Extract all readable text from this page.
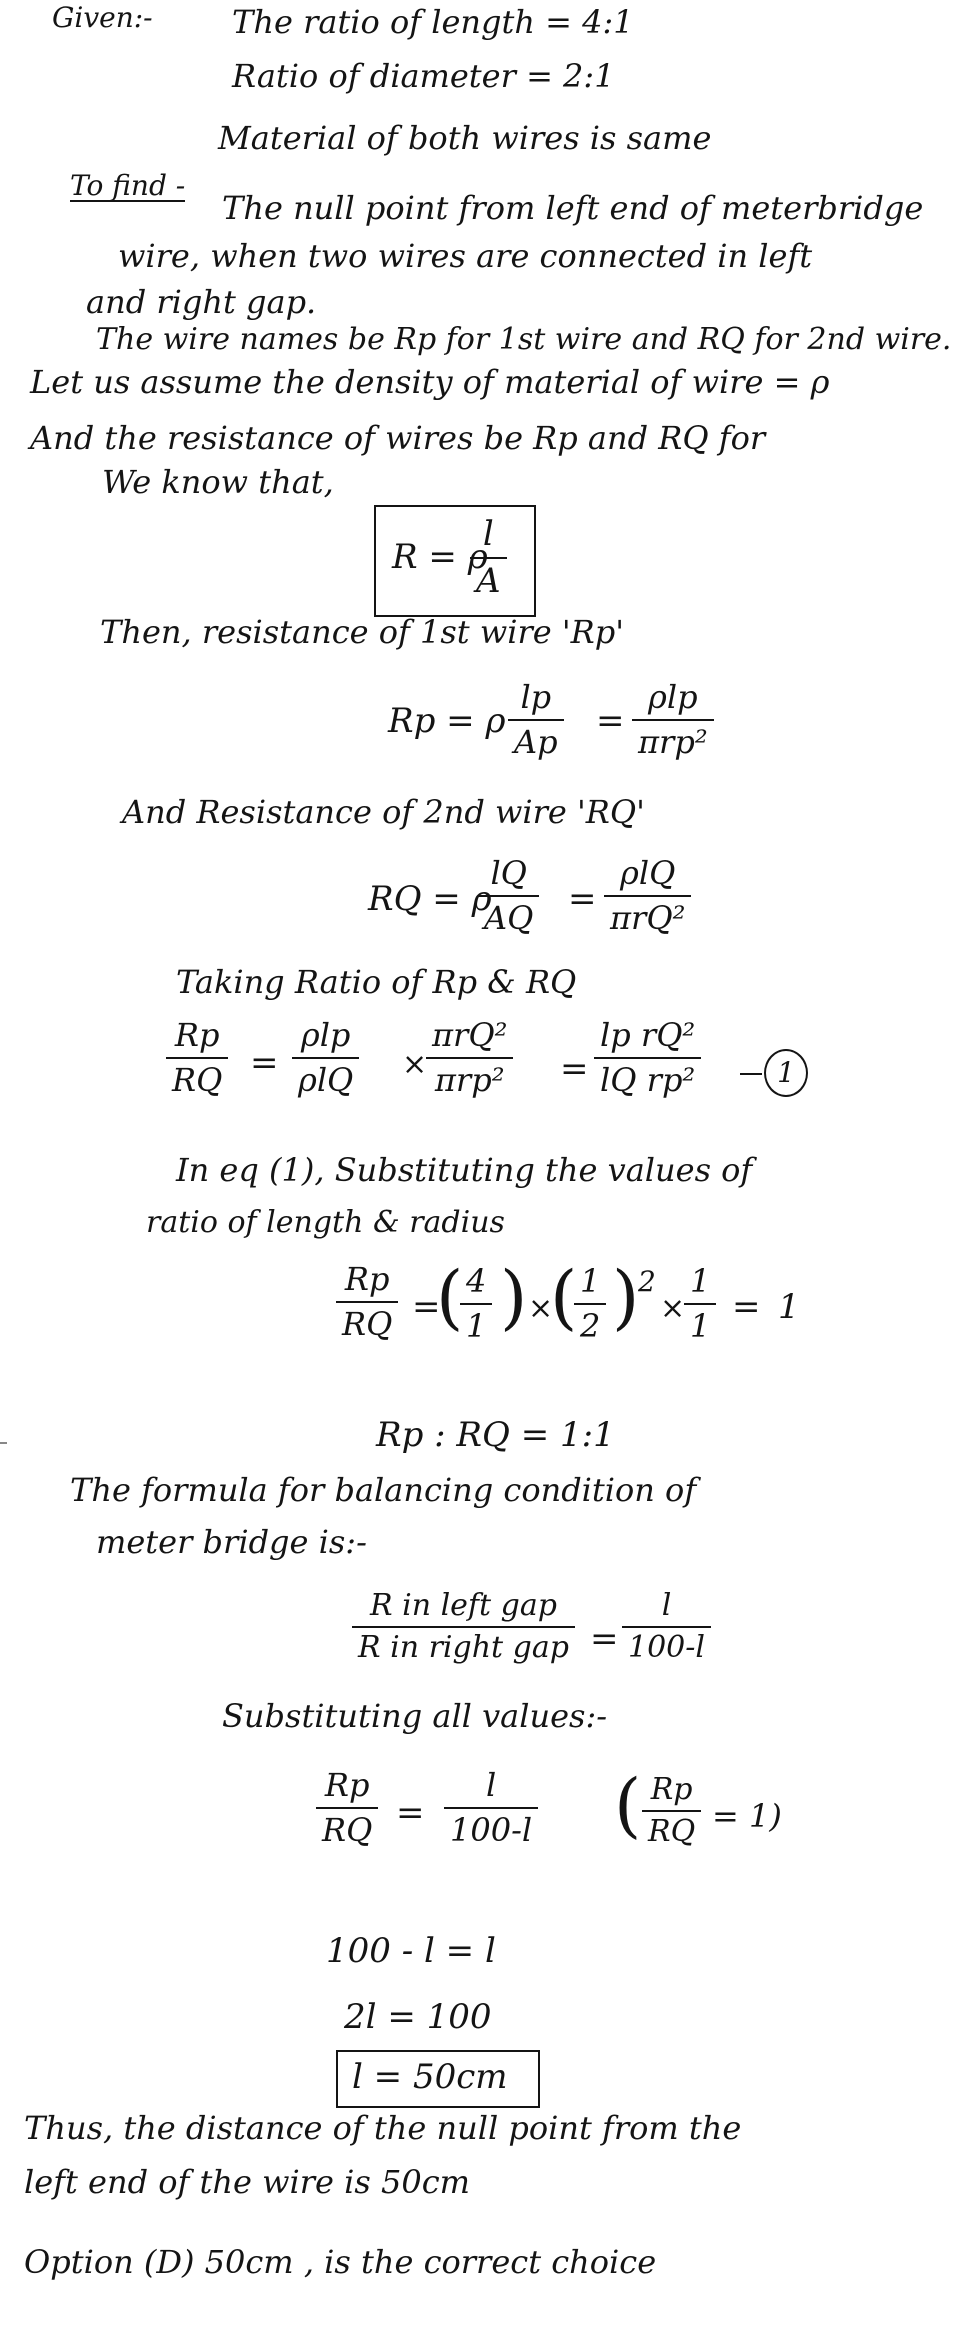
Given:- The ratio of length = 4:1
Ratio of diameter = 2:1
Material of both wires is same
To find -
The null point from left end of meterbridge
wire, when two wires are connected in left
and right gap.
The wire names be Rp for 1st wire and RQ for 2nd wire.
Let us assume the density of material of wire = ρ
And the resistance of wires be Rp and RQ for
We know that,
R = ρ
l
A
Then, resistance of 1st wire 'Rp'
Rp = ρ
lp
Ap
=
ρlp
πrp²
And Resistance of 2nd wire 'RQ'
RQ = ρ
lQ
AQ =
ρlQ
πrQ²
Taking Ratio of Rp & RQ
Rp
RQ =
ρlp
ρlQ ×
πrQ²
πrp² =
lp rQ²
lQ rp²	1
In eq (1), Substituting the values of
ratio of length & radius
Rp
RQ =
( 4
1 ) ×
( 1
2 )
2
×
1
1 = 1
Rp : RQ = 1:1
The formula for balancing condition of
meter bridge is:-
R in left gap
R in right gap =
l
100-l
Substituting all values:-
Rp
RQ =
l
100-l ( Rp
RQ = 1)
100 - l = l
2l = 100
l = 50cm
Thus, the distance of the null point from the
left end of the wire is 50cm
Option (D) 50cm , is the correct choice
